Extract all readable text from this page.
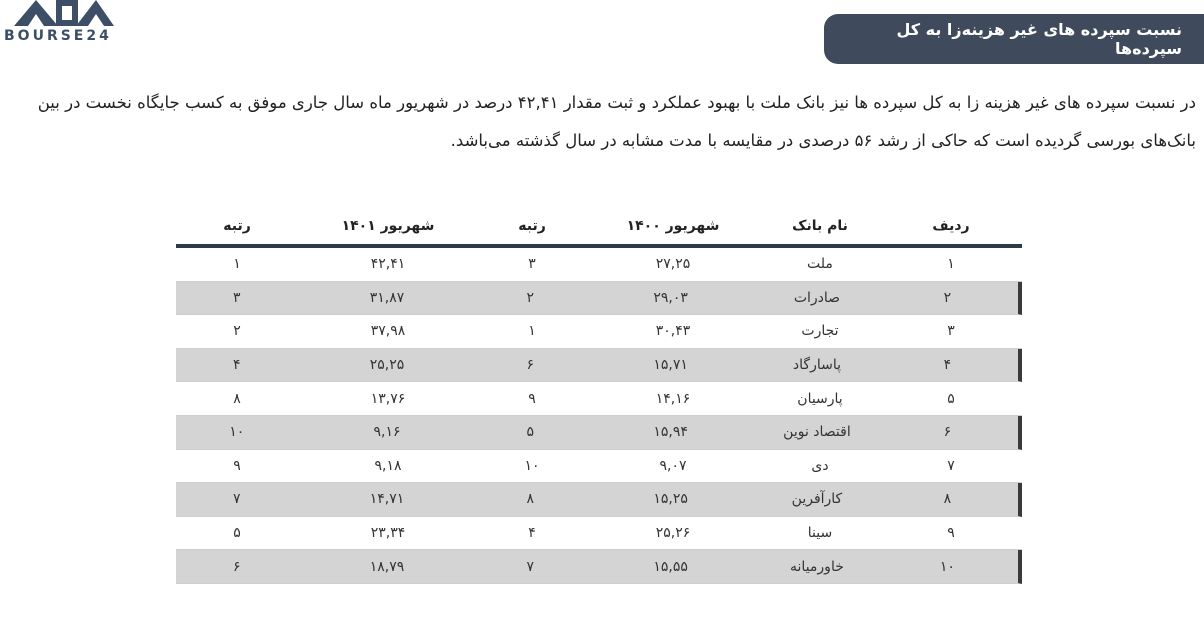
BOURSE24	نسبت سپرده های غیر هزینه‌زا به کل سپرده‌ها
در نسبت سپرده های غیر هزینه زا به کل سپرده ها نیز بانک ملت با بهبود عملکرد و ثبت مقدار ۴۲,۴۱ درصد در شهریور ماه سال جاری موفق به کسب جایگاه نخست در بین بانک‌های بورسی گردیده است که حاکی از رشد ۵۶ درصدی در مقایسه با مدت مشابه در سال گذشته می‌باشد.
ردیف
نام بانک
شهریور ۱۴۰۰
رتبه
شهریور ۱۴۰۱
رتبه
۱
ملت
۲۷,۲۵
۳
۴۲,۴۱
۱
۲
صادرات
۲۹,۰۳
۲
۳۱,۸۷
۳
۳
تجارت
۳۰,۴۳
۱
۳۷,۹۸
۲
۴
پاسارگاد
۱۵,۷۱
۶
۲۵,۲۵
۴
۵
پارسیان
۱۴,۱۶
۹
۱۳,۷۶
۸
۶
اقتصاد نوین
۱۵,۹۴
۵
۹,۱۶
۱۰
۷
دی
۹,۰۷
۱۰
۹,۱۸
۹
۸
کارآفرین
۱۵,۲۵
۸
۱۴,۷۱
۷
۹
سینا
۲۵,۲۶
۴
۲۳,۳۴
۵
۱۰
خاورمیانه
۱۵,۵۵
۷
۱۸,۷۹
۶
